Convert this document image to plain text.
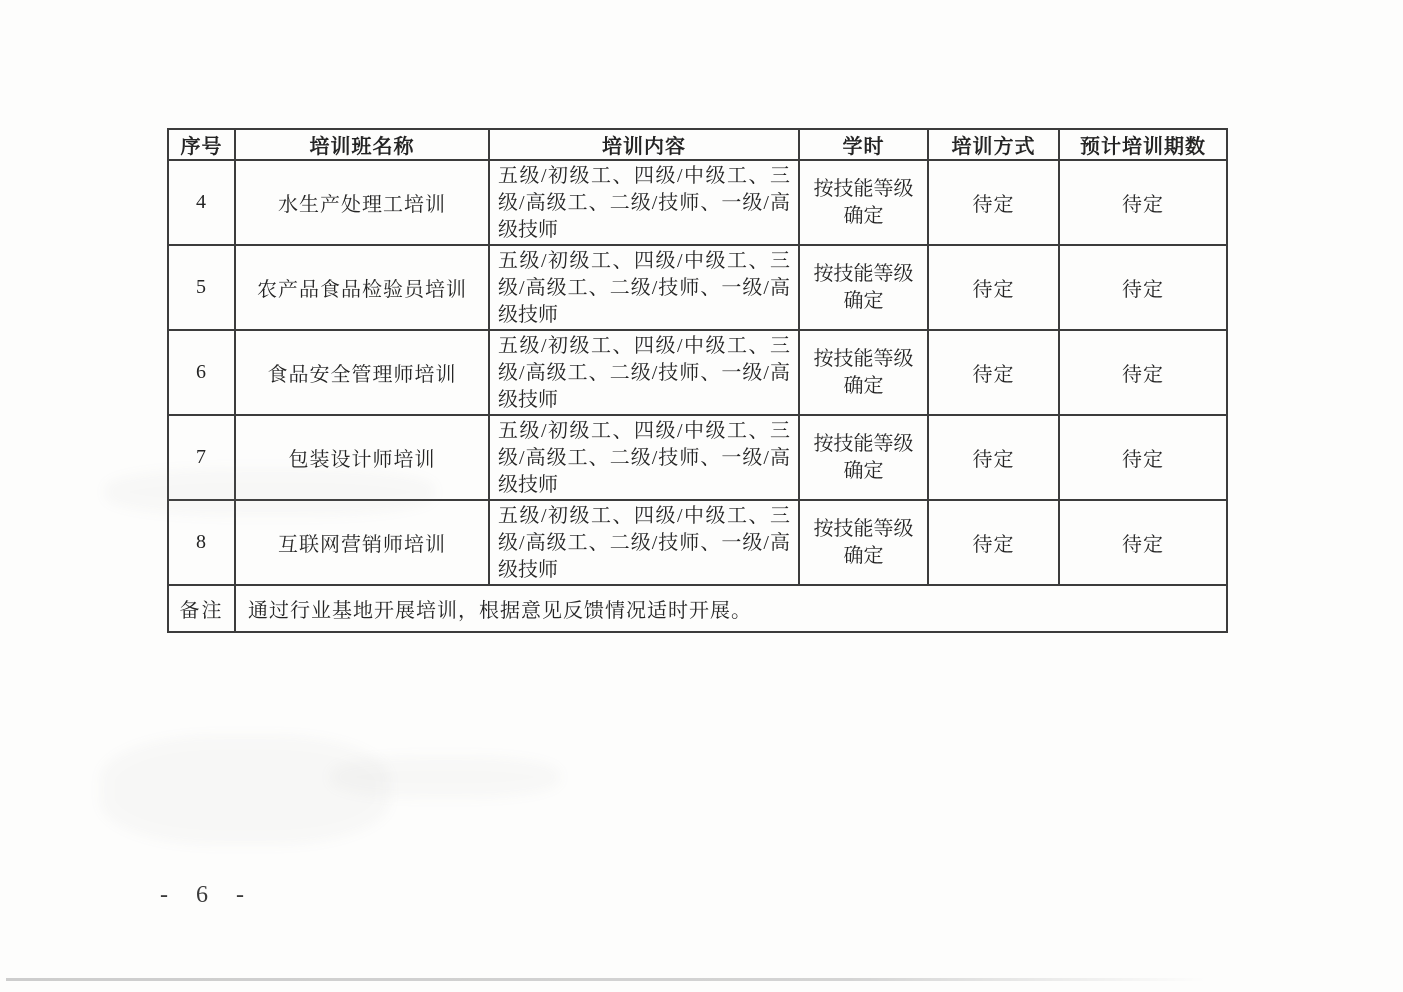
序号	培训班名称	培训内容	学时	培训方式	预计培训期数
4	水生产处理工培训	五级/初级工、四级/中级工、三级/高级工、二级/技师、一级/高级技师	按技能等级确定	待定	待定
5	农产品食品检验员培训	五级/初级工、四级/中级工、三级/高级工、二级/技师、一级/高级技师	按技能等级确定	待定	待定
6	食品安全管理师培训	五级/初级工、四级/中级工、三级/高级工、二级/技师、一级/高级技师	按技能等级确定	待定	待定
7	包装设计师培训	五级/初级工、四级/中级工、三级/高级工、二级/技师、一级/高级技师	按技能等级确定	待定	待定
8	互联网营销师培训	五级/初级工、四级/中级工、三级/高级工、二级/技师、一级/高级技师	按技能等级确定	待定	待定
备注	通过行业基地开展培训，根据意见反馈情况适时开展。				
- 6 -
